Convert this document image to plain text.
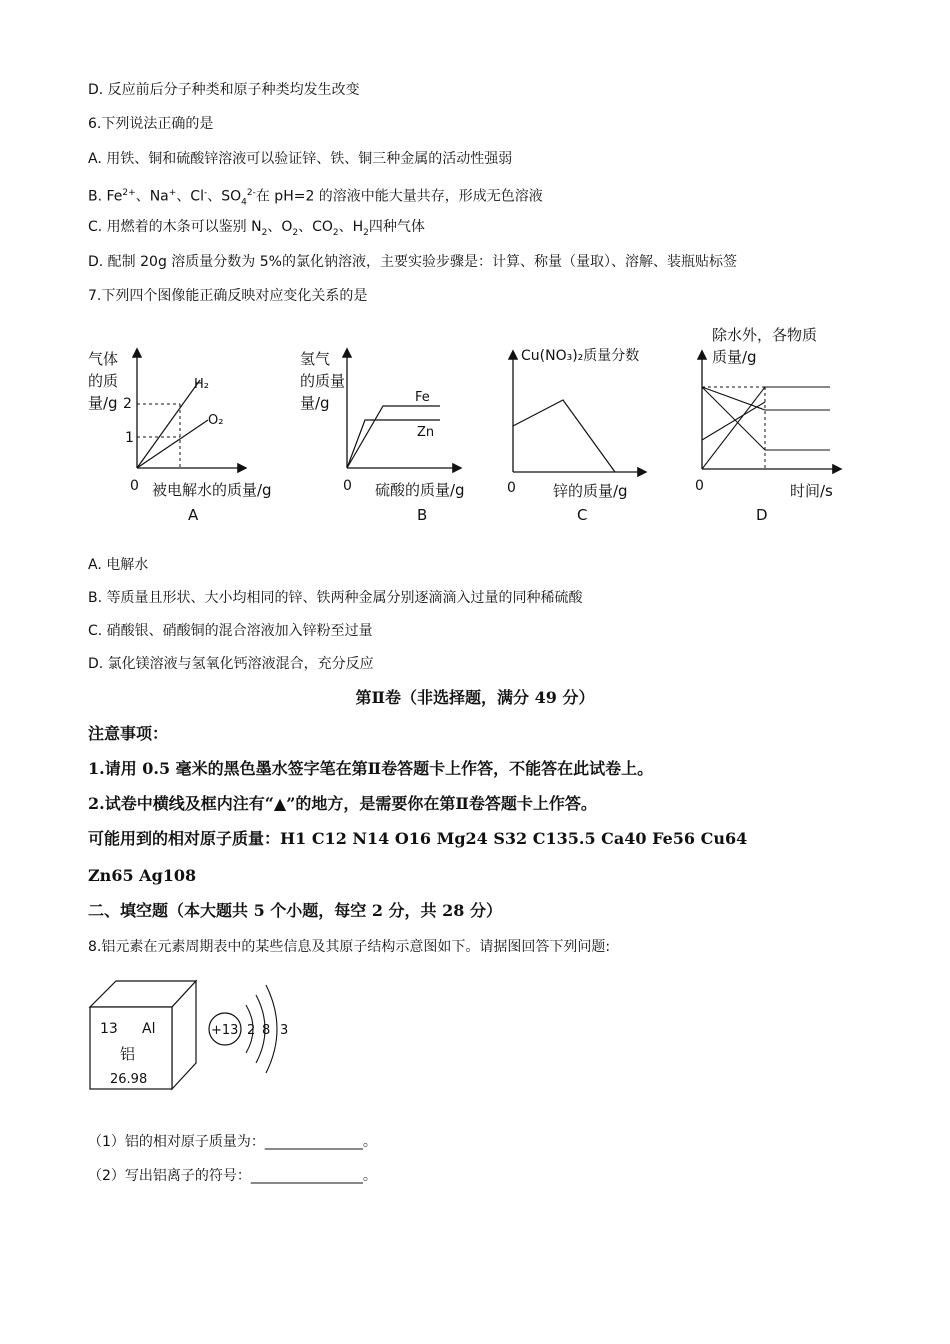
D. 反应前后分子种类和原子种类均发生改变
6.下列说法正确的是
A. 用铁、铜和硫酸锌溶液可以验证锌、铁、铜三种金属的活动性强弱
B. $Fe^{2+}$、Na+、Cl-、$SO_4^{2-}$在 pH=2 的溶液中能大量共存，形成无色溶液
C. 用燃着的木条可以鉴别 $N_2$、$O_2$、$CO_2$、$H_2$四种气体
D. 配制 20g 溶质量分数为 5%的氯化钠溶液，主要实验步骤是：计算、称量（量取）、溶解、装瓶贴标签
7.下列四个图像能正确反映对应变化关系的是
气体
的质
量/g 2
1
H₂
O₂
0 被电解水的质量/g
A
氢气
的质量
量/g	Fe
Zn
0 硫酸的质量/g
B
Cu(NO₃)₂质量分数
0 锌的质量/g
C
除水外，各物质
质量/g
0	时间/s
D
A. 电解水
B. 等质量且形状、大小均相同的锌、铁两种金属分别逐滴滴入过量的同种稀硫酸
C. 硝酸银、硝酸铜的混合溶液加入锌粉至过量
D. 氯化镁溶液与氢氧化钙溶液混合，充分反应
第Ⅱ卷（非选择题，满分 49 分）
注意事项：
1.请用 0.5 毫米的黑色墨水签字笔在第Ⅱ卷答题卡上作答，不能答在此试卷上。
2.试卷中横线及框内注有“▲”的地方，是需要你在第Ⅱ卷答题卡上作答。
可能用到的相对原子质量：H1 C12 N14 O16 Mg24 S32 C135.5 Ca40 Fe56 Cu64
Zn65 Ag108
二、填空题（本大题共 5 个小题，每空 2 分，共 28 分）
8.铝元素在元素周期表中的某些信息及其原子结构示意图如下。请据图回答下列问题:
13 Al
铝
26.98
+13 2 8 3
（1）铝的相对原子质量为：______________。
（2）写出铝离子的符号：________________。
